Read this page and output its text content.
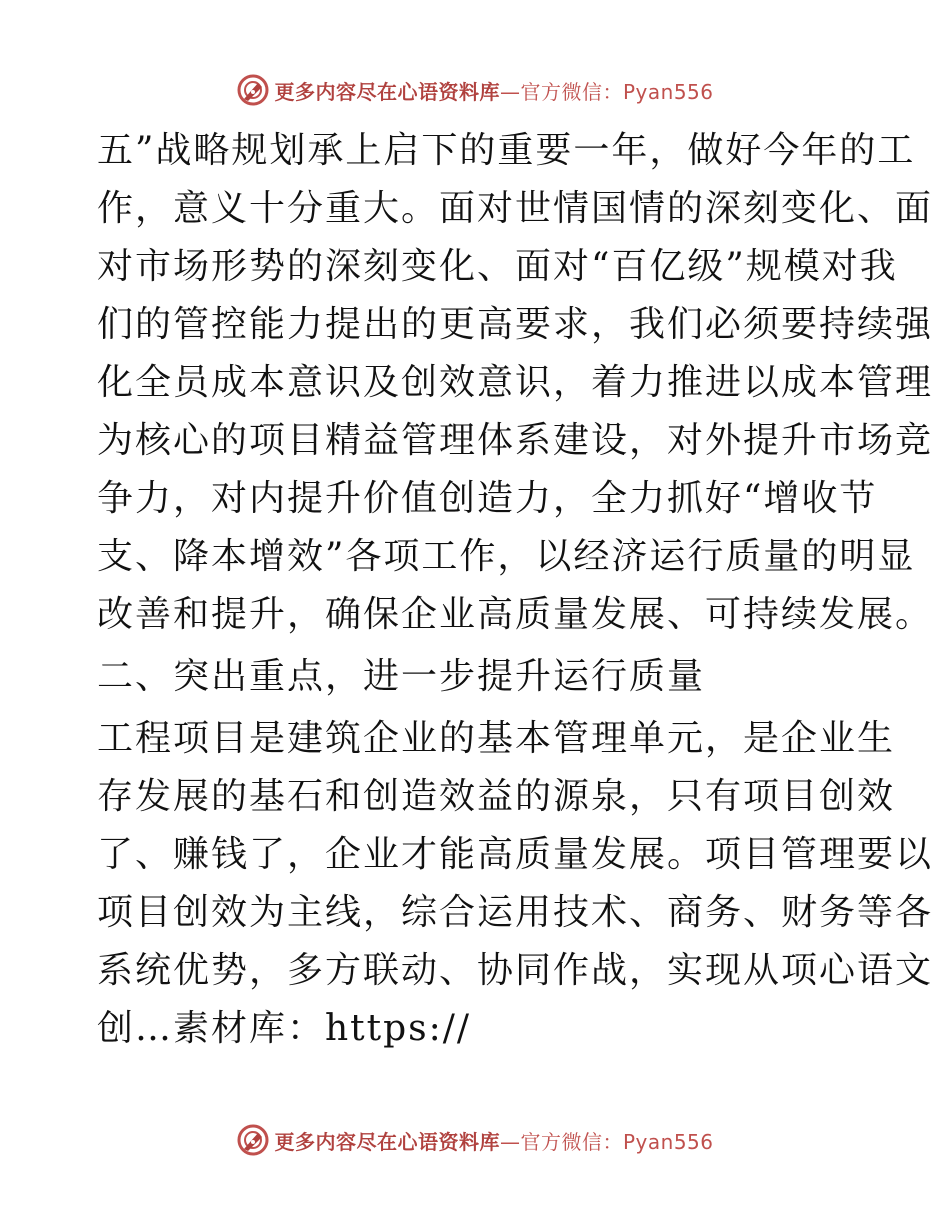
更多内容尽在心语资料库—官方微信：Pyan556
五”战略规划承上启下的重要一年，做好今年的工
作，意义十分重大。面对世情国情的深刻变化、面
对市场形势的深刻变化、面对“百亿级”规模对我
们的管控能力提出的更高要求，我们必须要持续强
化全员成本意识及创效意识，着力推进以成本管理
为核心的项目精益管理体系建设，对外提升市场竞
争力，对内提升价值创造力，全力抓好“增收节
支、降本增效”各项工作，以经济运行质量的明显
改善和提升，确保企业高质量发展、可持续发展。
二、突出重点，进一步提升运行质量
工程项目是建筑企业的基本管理单元，是企业生
存发展的基石和创造效益的源泉，只有项目创效
了、赚钱了，企业才能高质量发展。项目管理要以
项目创效为主线，综合运用技术、商务、财务等各
系统优势，多方联动、协同作战，实现从项心语文
创…素材库：https://
更多内容尽在心语资料库—官方微信：Pyan556
